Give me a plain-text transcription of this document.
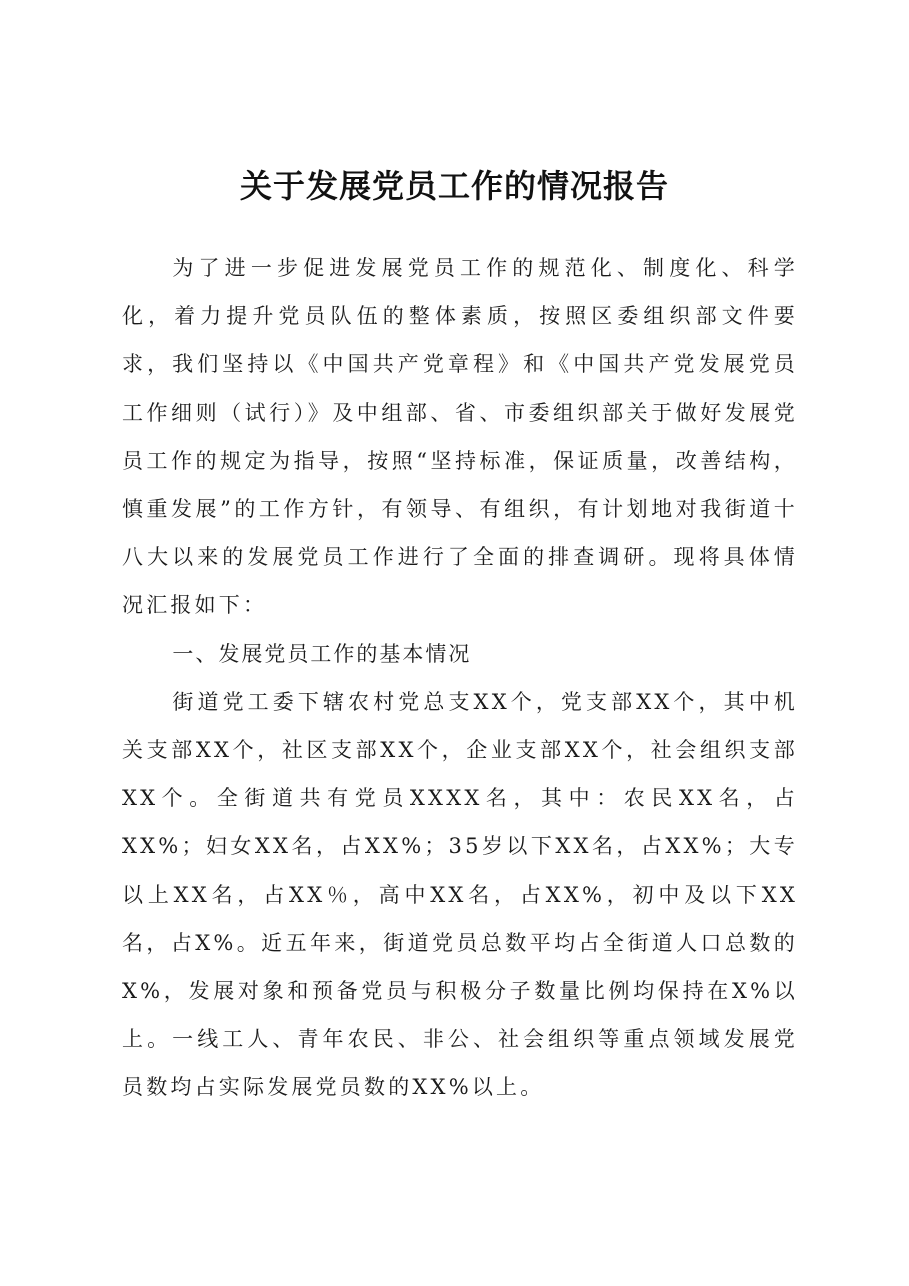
关于发展党员工作的情况报告

为了进一步促进发展党员工作的规范化、制度化、科学化，着力提升党员队伍的整体素质，按照区委组织部文件要求，我们坚持以《中国共产党章程》和《中国共产党发展党员工作细则（试行）》及中组部、省、市委组织部关于做好发展党员工作的规定为指导，按照“坚持标准，保证质量，改善结构，慎重发展”的工作方针，有领导、有组织，有计划地对我街道十八大以来的发展党员工作进行了全面的排查调研。现将具体情况汇报如下：

一、发展党员工作的基本情况

街道党工委下辖农村党总支XX个，党支部XX个，其中机关支部XX个，社区支部XX个，企业支部XX个，社会组织支部XX个。全街道共有党员XXXX名，其中：农民XX名，占XX%；妇女XX名，占XX%；35岁以下XX名，占XX%；大专以上XX名，占XX％，高中XX名，占XX%，初中及以下XX名，占X%。近五年来，街道党员总数平均占全街道人口总数的X%，发展对象和预备党员与积极分子数量比例均保持在X%以上。一线工人、青年农民、非公、社会组织等重点领域发展党员数均占实际发展党员数的XX%以上。
